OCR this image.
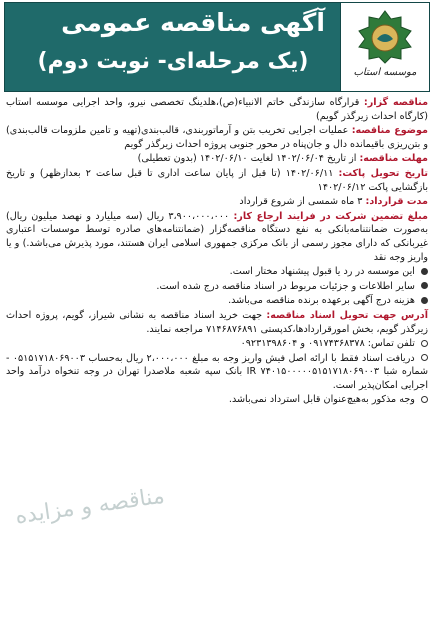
آگهی مناقصه عمومی
(یک مرحله‌ای- نوبت دوم)	موسسه استاب

مناقصه گزار: قرارگاه سازندگی خاتم الانبیاء(ص)،هلدینگ تخصصی نیرو، واحد اجرایی موسسه استاب (کارگاه احداث زیرگذر گویم)

موضوع مناقصه: عملیات اجرایی تخریب بتن و آرماتوربندی، قالب‌بندی(تهیه و تامین ملزومات قالب‌بندی) و بتن‌ریزی باقیمانده دال و جان‌پناه در محور جنوبی پروژه احداث زیرگذر گویم

مهلت مناقصه: از تاریخ ۱۴۰۲/۰۶/۰۴ لغایت ۱۴۰۲/۰۶/۱۰ (بدون تعطیلی)

تاریخ تحویل پاکت: ۱۴۰۲/۰۶/۱۱ (تا قبل از پایان ساعت اداری تا قبل ساعت ۲ بعدازظهر) و تاریخ بازگشایی پاکت ۱۴۰۲/۰۶/۱۲

مدت قرارداد: ۳ ماه شمسی از شروع قرارداد

مبلغ تضمین شرکت در فرایند ارجاع کار: ۳،۹۰۰،۰۰۰،۰۰۰ ریال (سه میلیارد و نهصد میلیون ریال) به‌صورت ضمانتنامه‌بانکی به نفع دستگاه مناقصه‌گزار (ضمانتنامه‌های صادره توسط موسسات اعتباری غیربانکی که دارای مجوز رسمی از بانک مرکزی جمهوری اسلامی ایران هستند، مورد پذیرش می‌باشد.) و یا واریز وجه نقد

این موسسه در رد یا قبول پیشنهاد مختار است.

سایر اطلاعات و جزئیات مربوط در اسناد مناقصه درج شده است.

هزینه درج آگهی برعهده برنده مناقصه می‌باشد.

آدرس جهت تحویل اسناد مناقصه: جهت خرید اسناد مناقصه به نشانی شیراز، گویم، پروژه احداث زیرگذر گویم، بخش امورقراردادها،کدپستی ۷۱۴۶۸۷۶۸۹۱ مراجعه نمایند.

تلفن تماس: ۰۹۱۷۴۳۶۸۳۷۸ و ۰۹۲۳۱۳۹۸۶۰۴

دریافت اسناد فقط با ارائه اصل فیش واریز وجه به مبلغ ۲،۰۰۰،۰۰۰ ریال به‌حساب ۰۵۱۵۱۷۱۸۰۶۹۰۰۳ - شماره شبا IR ۷۴۰۱۵۰۰۰۰۰۵۱۵۱۷۱۸۰۶۹۰۰۳ بانک سپه شعبه ملاصدرا تهران در وجه تنخواه درآمد واحد اجرایی امکان‌پذیر است.

وجه مذکور به‌هیچ‌عنوان قابل استرداد نمی‌باشد.

مناقصه و مزایده
